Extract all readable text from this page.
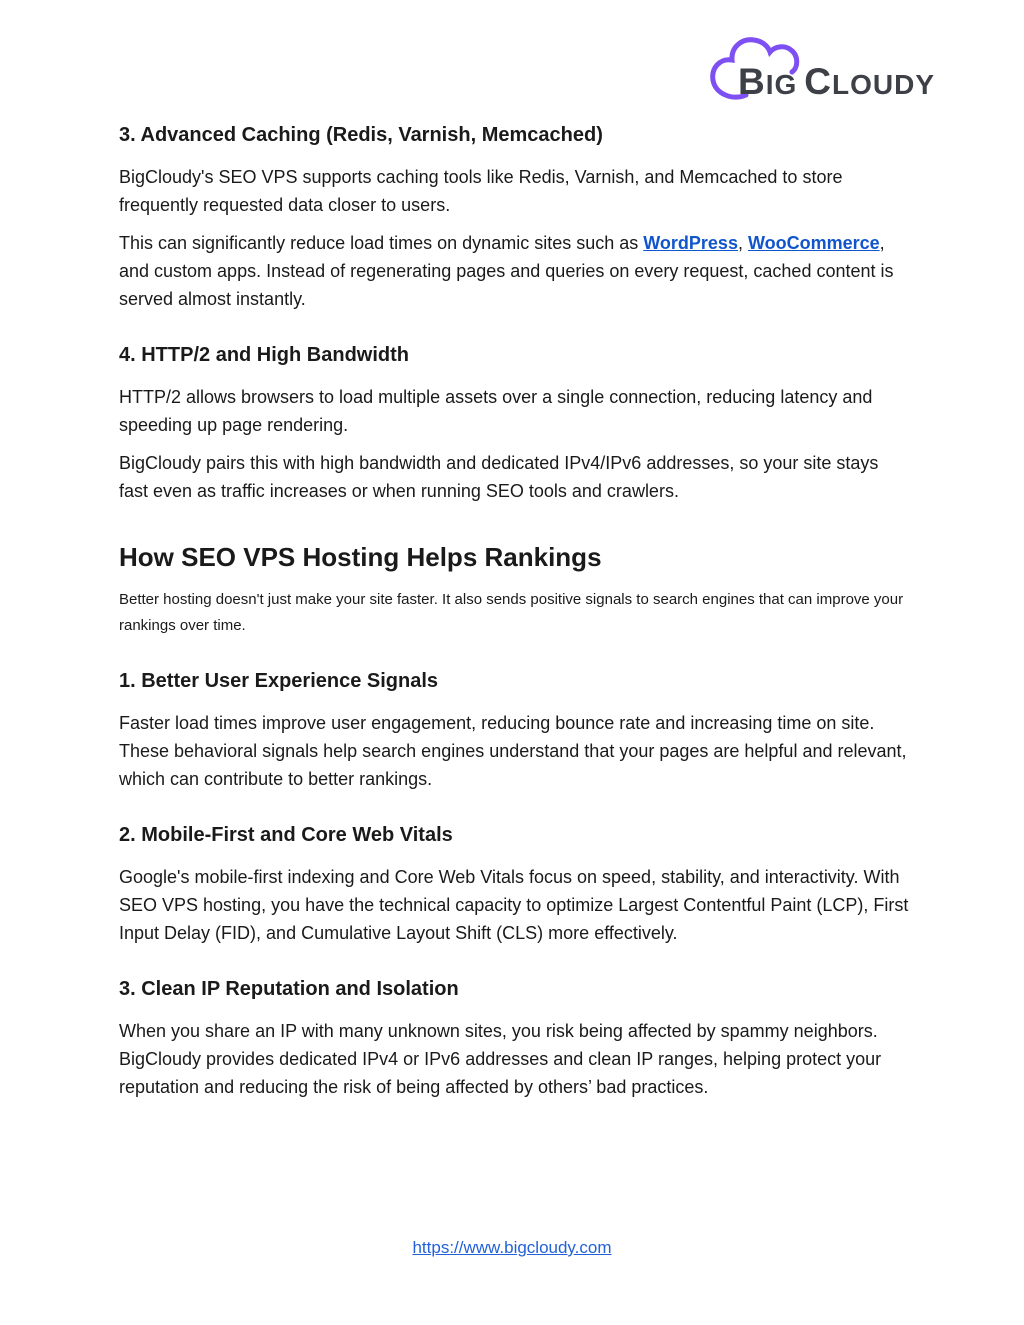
BIG CLOUDY
3. Advanced Caching (Redis, Varnish, Memcached)

BigCloudy's SEO VPS supports caching tools like Redis, Varnish, and Memcached to store frequently requested data closer to users.

This can significantly reduce load times on dynamic sites such as WordPress, WooCommerce, and custom apps. Instead of regenerating pages and queries on every request, cached content is served almost instantly.

4. HTTP/2 and High Bandwidth

HTTP/2 allows browsers to load multiple assets over a single connection, reducing latency and speeding up page rendering.

BigCloudy pairs this with high bandwidth and dedicated IPv4/IPv6 addresses, so your site stays fast even as traffic increases or when running SEO tools and crawlers.

How SEO VPS Hosting Helps Rankings

Better hosting doesn't just make your site faster. It also sends positive signals to search engines that can improve your rankings over time.

1. Better User Experience Signals

Faster load times improve user engagement, reducing bounce rate and increasing time on site. These behavioral signals help search engines understand that your pages are helpful and relevant, which can contribute to better rankings.

2. Mobile-First and Core Web Vitals

Google's mobile-first indexing and Core Web Vitals focus on speed, stability, and interactivity. With SEO VPS hosting, you have the technical capacity to optimize Largest Contentful Paint (LCP), First Input Delay (FID), and Cumulative Layout Shift (CLS) more effectively.

3. Clean IP Reputation and Isolation

When you share an IP with many unknown sites, you risk being affected by spammy neighbors. BigCloudy provides dedicated IPv4 or IPv6 addresses and clean IP ranges, helping protect your reputation and reducing the risk of being affected by others’ bad practices.

https://www.bigcloudy.com
